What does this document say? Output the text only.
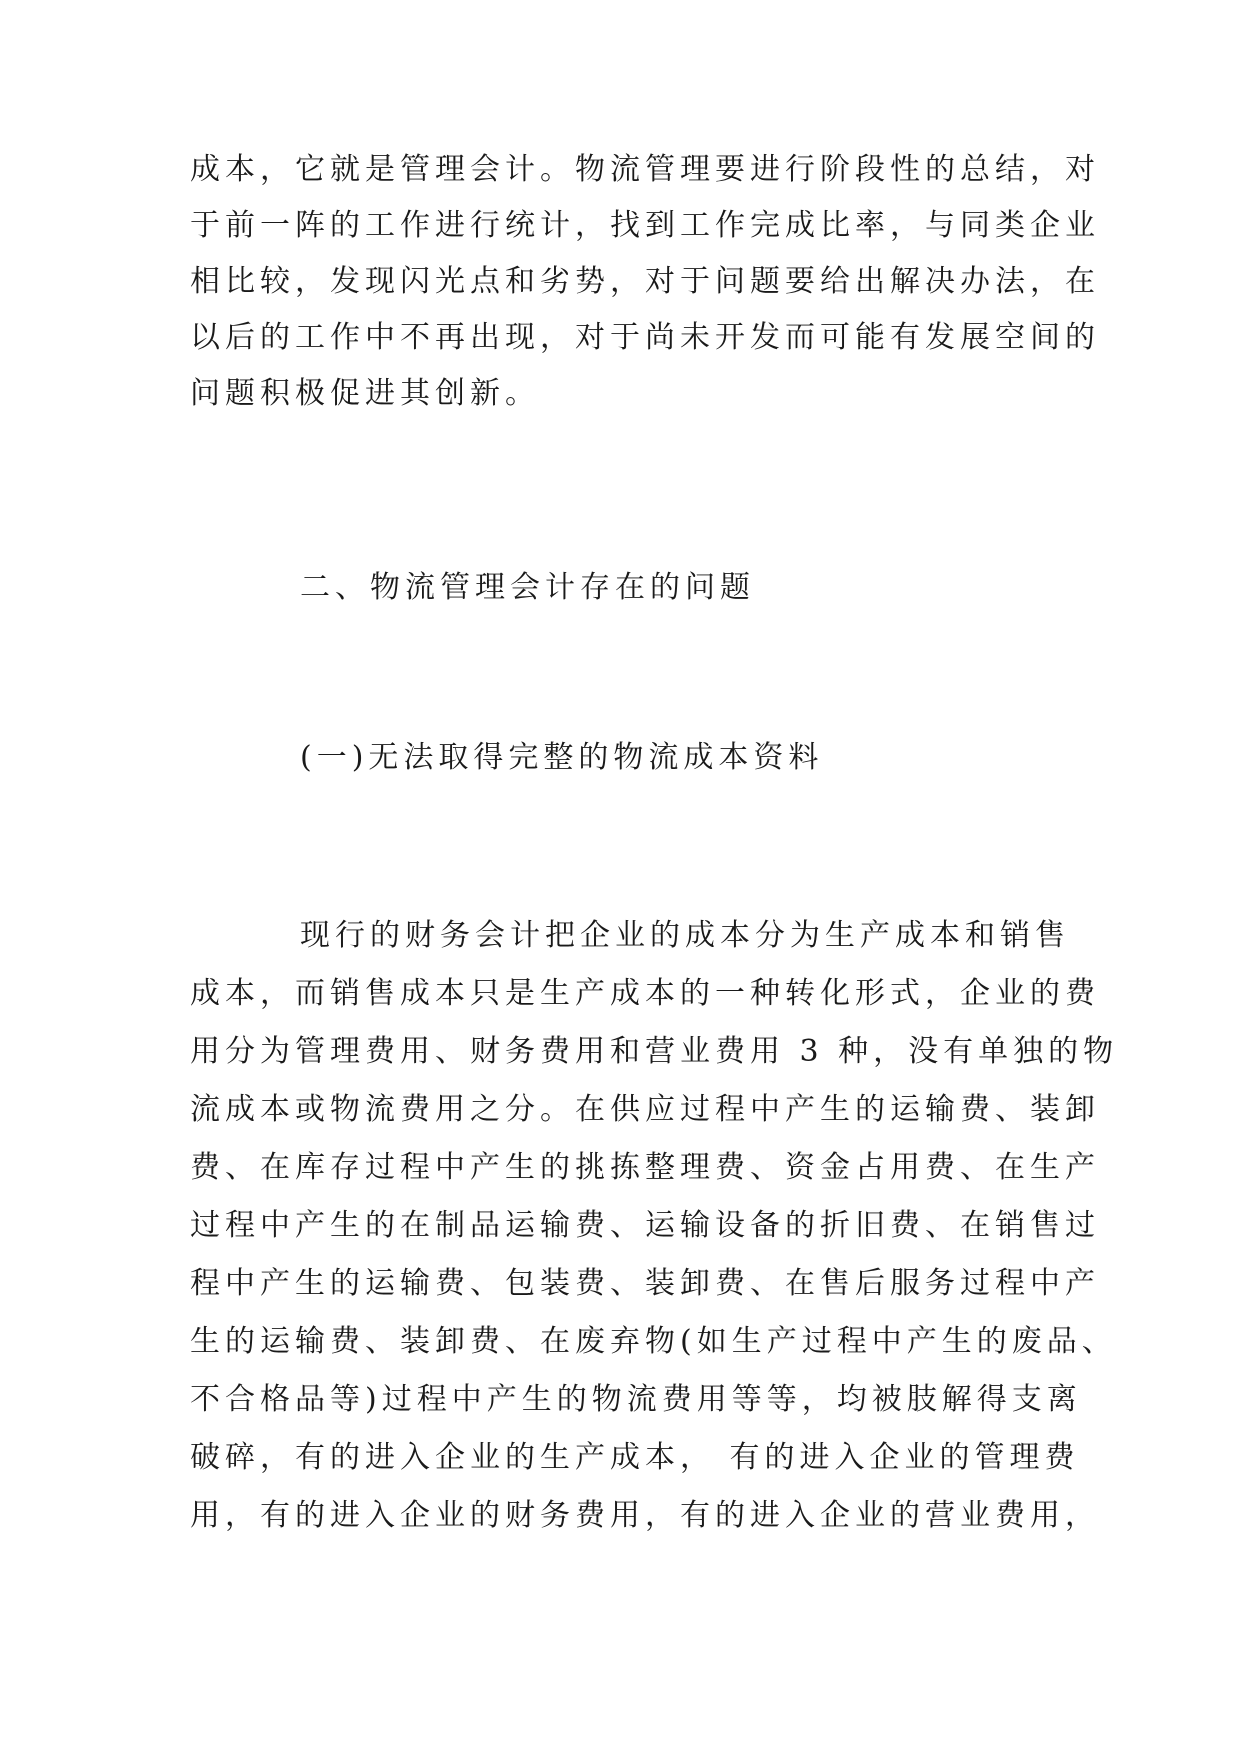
成本，它就是管理会计。物流管理要进行阶段性的总结，对

于前一阵的工作进行统计，找到工作完成比率，与同类企业

相比较，发现闪光点和劣势，对于问题要给出解决办法，在

以后的工作中不再出现，对于尚未开发而可能有发展空间的

问题积极促进其创新。

二、物流管理会计存在的问题

(一)无法取得完整的物流成本资料

现行的财务会计把企业的成本分为生产成本和销售

成本，而销售成本只是生产成本的一种转化形式，企业的费

用分为管理费用、财务费用和营业费用 3 种，没有单独的物

流成本或物流费用之分。在供应过程中产生的运输费、装卸

费、在库存过程中产生的挑拣整理费、资金占用费、在生产

过程中产生的在制品运输费、运输设备的折旧费、在销售过

程中产生的运输费、包装费、装卸费、在售后服务过程中产

生的运输费、装卸费、在废弃物(如生产过程中产生的废品、

不合格品等)过程中产生的物流费用等等，均被肢解得支离

破碎，有的进入企业的生产成本， 有的进入企业的管理费

用，有的进入企业的财务费用，有的进入企业的营业费用，
